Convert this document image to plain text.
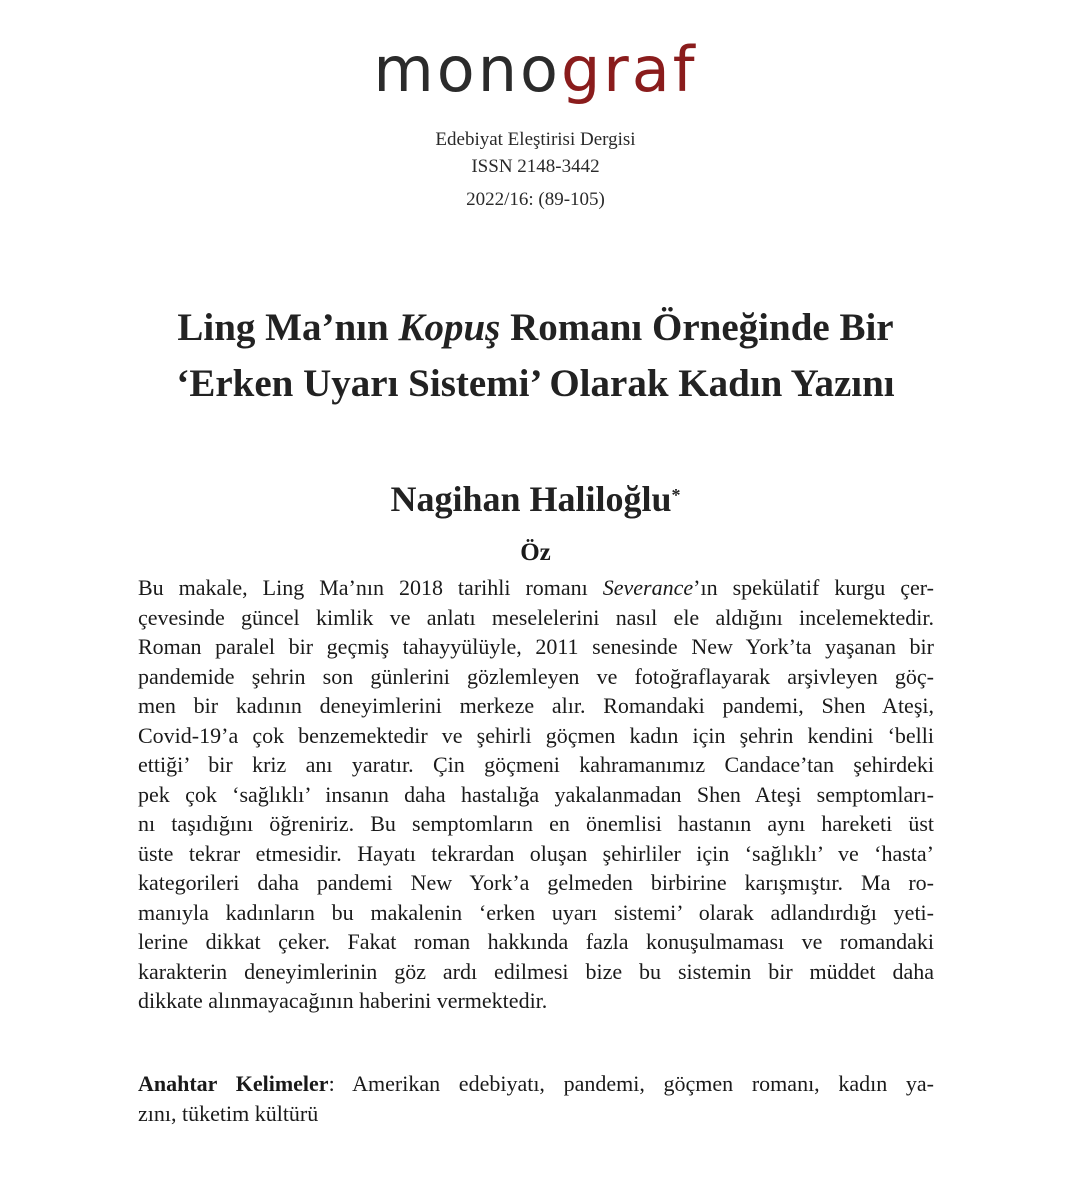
monograf
Edebiyat Eleştirisi Dergisi
ISSN 2148-3442
2022/16: (89-105)
Ling Ma’nın Kopuş Romanı Örneğinde Bir
‘Erken Uyarı Sistemi’ Olarak Kadın Yazını
Nagihan Haliloğlu*
Öz
Bu makale, Ling Ma’nın 2018 tarihli romanı Severance’ın spekülatif kurgu çer-
çevesinde güncel kimlik ve anlatı meselelerini nasıl ele aldığını incelemektedir.
Roman paralel bir geçmiş tahayyülüyle, 2011 senesinde New York’ta yaşanan bir
pandemide şehrin son günlerini gözlemleyen ve fotoğraflayarak arşivleyen göç-
men bir kadının deneyimlerini merkeze alır. Romandaki pandemi, Shen Ateşi,
Covid-19’a çok benzemektedir ve şehirli göçmen kadın için şehrin kendini ‘belli
ettiği’ bir kriz anı yaratır. Çin göçmeni kahramanımız Candace’tan şehirdeki
pek çok ‘sağlıklı’ insanın daha hastalığa yakalanmadan Shen Ateşi semptomları-
nı taşıdığını öğreniriz. Bu semptomların en önemlisi hastanın aynı hareketi üst
üste tekrar etmesidir. Hayatı tekrardan oluşan şehirliler için ‘sağlıklı’ ve ‘hasta’
kategorileri daha pandemi New York’a gelmeden birbirine karışmıştır. Ma ro-
manıyla kadınların bu makalenin ‘erken uyarı sistemi’ olarak adlandırdığı yeti-
lerine dikkat çeker. Fakat roman hakkında fazla konuşulmaması ve romandaki
karakterin deneyimlerinin göz ardı edilmesi bize bu sistemin bir müddet daha
dikkate alınmayacağının haberini vermektedir.
Anahtar Kelimeler: Amerikan edebiyatı, pandemi, göçmen romanı, kadın ya-
zını, tüketim kültürü
